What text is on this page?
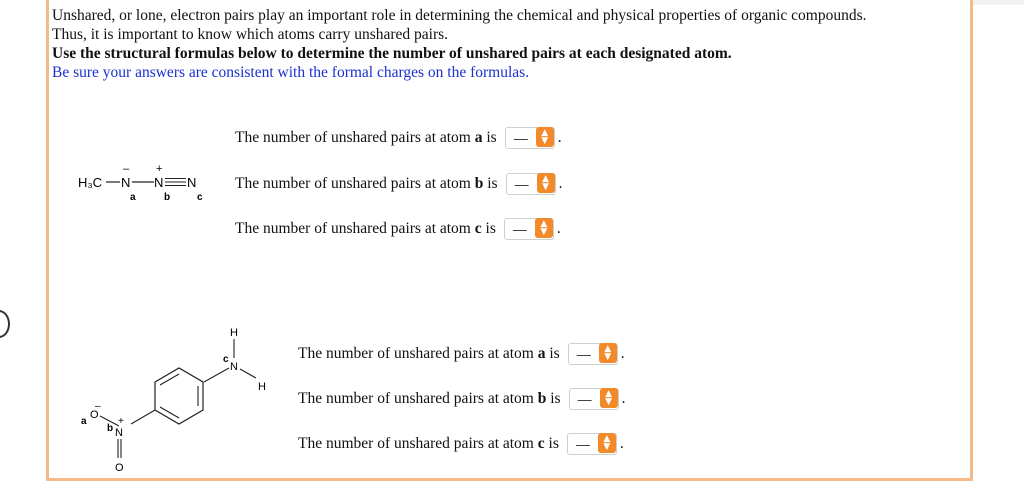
Unshared, or lone, electron pairs play an important role in determining the chemical and physical properties of organic compounds.
Thus, it is important to know which atoms carry unshared pairs.
Use the structural formulas below to determine the number of unshared pairs at each designated atom.
Be sure your answers are consistent with the formal charges on the formulas.
H₃C N
–
N
+
N
a	b	c
The number of unshared pairs at atom a is	—	▲
▼ .
The number of unshared pairs at atom b is	—	▲
▼ .
The number of unshared pairs at atom c is	—	▲
▼ .
H
N
c
H
N
b
+
O
a
–
O
The number of unshared pairs at atom a is	—	▲
▼ .
The number of unshared pairs at atom b is	—	▲
▼ .
The number of unshared pairs at atom c is	—	▲
▼ .
